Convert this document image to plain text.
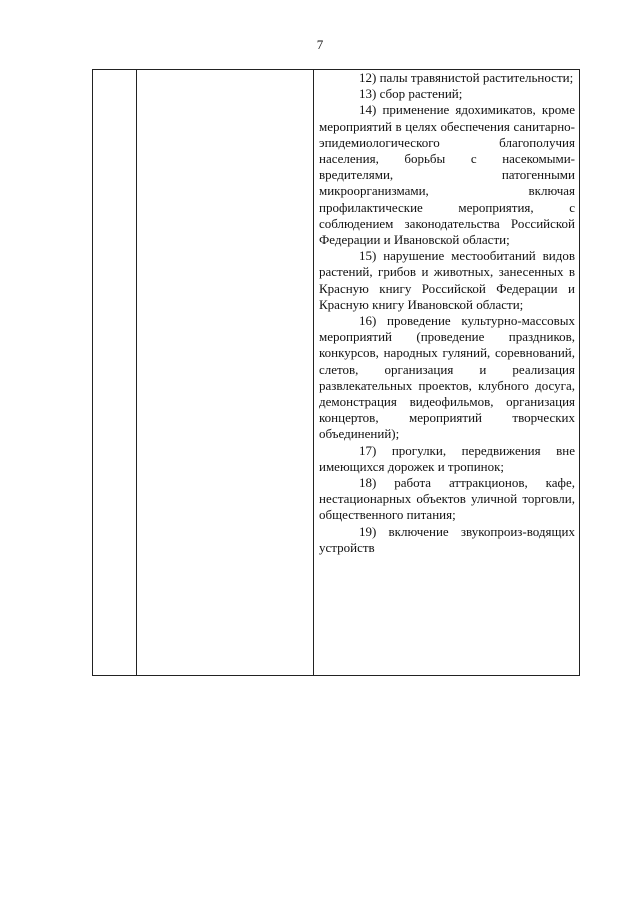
7

12) палы травянистой растительности;

13) сбор растений;

14) применение ядохимикатов, кроме мероприятий в целях обеспечения санитарно-эпидемиологического благополучия населения, борьбы с насекомыми-вредителями, патогенными микроорганизмами, включая профилактические мероприятия, с соблюдением законодательства Российской Федерации и Ивановской области;

15) нарушение местообитаний видов растений, грибов и животных, занесенных в Красную книгу Российской Федерации и Красную книгу Ивановской области;

16) проведение культурно-массовых мероприятий (проведение праздников, конкурсов, народных гуляний, соревнований, слетов, организация и реализация развлекательных проектов, клубного досуга, демонстрация видеофильмов, организация концертов, мероприятий творческих объединений);

17) прогулки, передвижения вне имеющихся дорожек и тропинок;

18) работа аттракционов, кафе, нестационарных объектов уличной торговли, общественного питания;

19) включение звукопроиз-водящих устройств
